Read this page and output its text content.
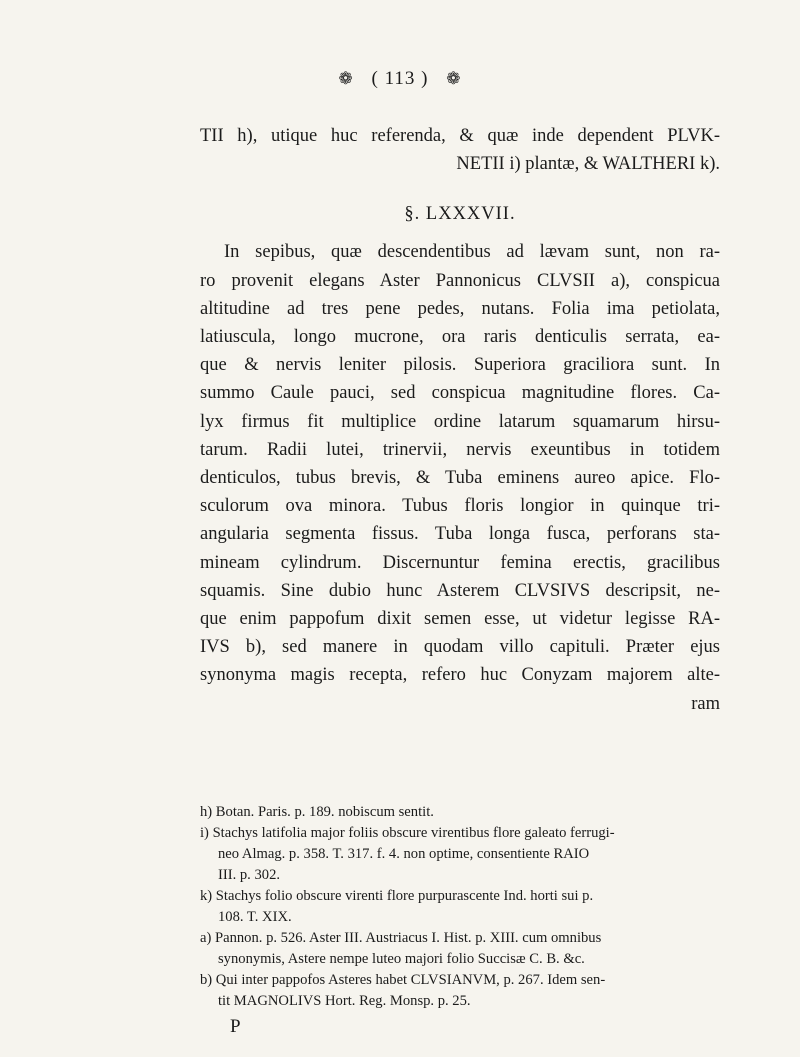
❁ ( 113 ) ❁
TII h), utique huc referenda, & quæ inde dependent PLVK-
NETII i) plantæ, & WALTHERI k).
§. LXXXVII.
In sepibus, quæ descendentibus ad lævam sunt, non ra-
ro provenit elegans Aster Pannonicus CLVSII a), conspicua
altitudine ad tres pene pedes, nutans. Folia ima petiolata,
latiuscula, longo mucrone, ora raris denticulis serrata, ea-
que & nervis leniter pilosis. Superiora graciliora sunt. In
summo Caule pauci, sed conspicua magnitudine flores. Ca-
lyx firmus fit multiplice ordine latarum squamarum hirsu-
tarum. Radii lutei, trinervii, nervis exeuntibus in totidem
denticulos, tubus brevis, & Tuba eminens aureo apice. Flo-
sculorum ova minora. Tubus floris longior in quinque tri-
angularia segmenta fissus. Tuba longa fusca, perforans sta-
mineam cylindrum. Discernuntur femina erectis, gracilibus
squamis. Sine dubio hunc Asterem CLVSIVS descripsit, ne-
que enim pappofum dixit semen esse, ut videtur legisse RA-
IVS b), sed manere in quodam villo capituli. Præter ejus
synonyma magis recepta, refero huc Conyzam majorem alte-
ram
h) Botan. Paris. p. 189. nobiscum sentit.
i) Stachys latifolia major foliis obscure virentibus flore galeato ferrugi-
neo Almag. p. 358. T. 317. f. 4. non optime, consentiente RAIO
III. p. 302.
k) Stachys folio obscure virenti flore purpurascente Ind. horti sui p.
108. T. XIX.
a) Pannon. p. 526. Aster III. Austriacus I. Hist. p. XIII. cum omnibus
synonymis, Astere nempe luteo majori folio Succisæ C. B. &c.
b) Qui inter pappofos Asteres habet CLVSIANVM, p. 267. Idem sen-
tit MAGNOLIVS Hort. Reg. Monsp. p. 25.
P
